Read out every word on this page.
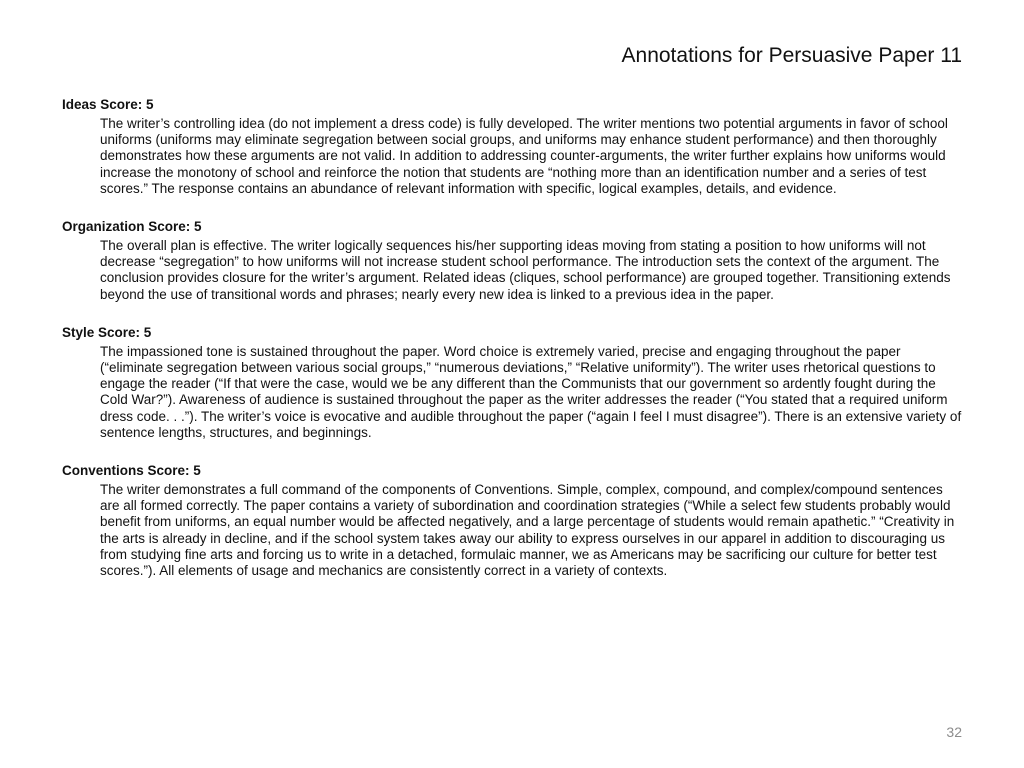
Annotations for Persuasive Paper 11

Ideas Score: 5

The writer’s controlling idea (do not implement a dress code) is fully developed. The writer mentions two potential arguments in favor of school uniforms (uniforms may eliminate segregation between social groups, and uniforms may enhance student performance) and then thoroughly demonstrates how these arguments are not valid. In addition to addressing counter-arguments, the writer further explains how uniforms would increase the monotony of school and reinforce the notion that students are “nothing more than an identification number and a series of test scores.” The response contains an abundance of relevant information with specific, logical examples, details, and evidence.

Organization Score: 5

The overall plan is effective. The writer logically sequences his/her supporting ideas moving from stating a position to how uniforms will not decrease “segregation” to how uniforms will not increase student school performance. The introduction sets the context of the argument. The conclusion provides closure for the writer’s argument. Related ideas (cliques, school performance) are grouped together. Transitioning extends beyond the use of transitional words and phrases; nearly every new idea is linked to a previous idea in the paper.

Style Score: 5

The impassioned tone is sustained throughout the paper. Word choice is extremely varied, precise and engaging throughout the paper (“eliminate segregation between various social groups,” “numerous deviations,” “Relative uniformity”). The writer uses rhetorical questions to engage the reader (“If that were the case, would we be any different than the Communists that our government so ardently fought during the Cold War?”). Awareness of audience is sustained throughout the paper as the writer addresses the reader (“You stated that a required uniform dress code. . .”). The writer’s voice is evocative and audible throughout the paper (“again I feel I must disagree”). There is an extensive variety of sentence lengths, structures, and beginnings.

Conventions Score: 5

The writer demonstrates a full command of the components of Conventions. Simple, complex, compound, and complex/compound sentences are all formed correctly. The paper contains a variety of subordination and coordination strategies (“While a select few students probably would benefit from uniforms, an equal number would be affected negatively, and a large percentage of students would remain apathetic.” “Creativity in the arts is already in decline, and if the school system takes away our ability to express ourselves in our apparel in addition to discouraging us from studying fine arts and forcing us to write in a detached, formulaic manner, we as Americans may be sacrificing our culture for better test scores.”). All elements of usage and mechanics are consistently correct in a variety of contexts.

32
